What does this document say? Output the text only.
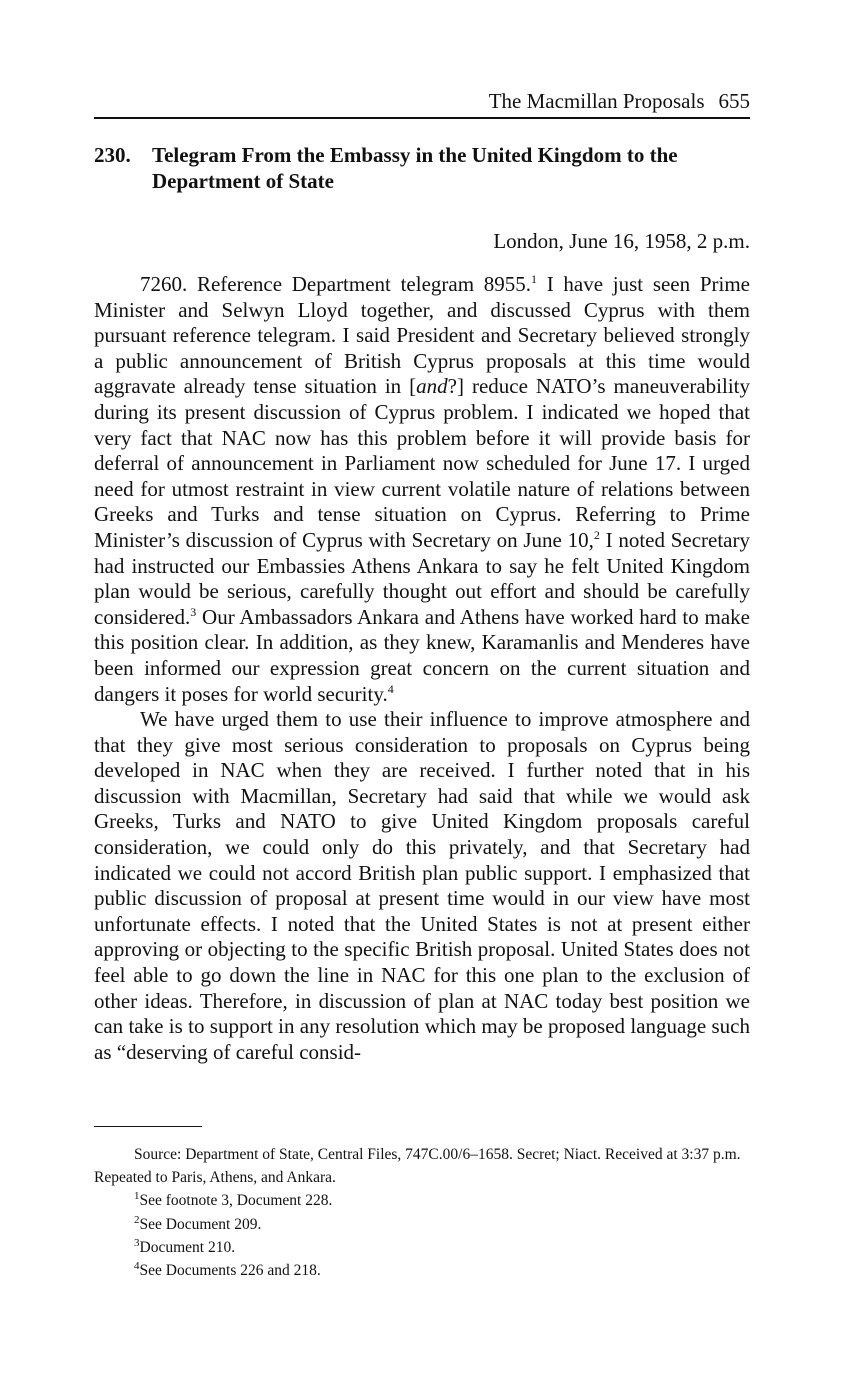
The Macmillan Proposals 655
230. Telegram From the Embassy in the United Kingdom to the Department of State
London, June 16, 1958, 2 p.m.

7260. Reference Department telegram 8955.$^1$ I have just seen Prime Minister and Selwyn Lloyd together, and discussed Cyprus with them pursuant reference telegram. I said President and Secretary believed strongly a public announcement of British Cyprus proposals at this time would aggravate already tense situation in [and?] reduce NATO’s maneuverability during its present discussion of Cyprus problem. I indicated we hoped that very fact that NAC now has this problem before it will provide basis for deferral of announcement in Parliament now scheduled for June 17. I urged need for utmost restraint in view current volatile nature of relations between Greeks and Turks and tense situation on Cyprus. Referring to Prime Minister’s discussion of Cyprus with Secretary on June 10,$^2$ I noted Secretary had instructed our Embassies Athens Ankara to say he felt United Kingdom plan would be serious, carefully thought out effort and should be carefully considered.$^3$ Our Ambassadors Ankara and Athens have worked hard to make this position clear. In addition, as they knew, Karamanlis and Menderes have been informed our expression great concern on the current situation and dangers it poses for world security.$^4$

We have urged them to use their influence to improve atmosphere and that they give most serious consideration to proposals on Cyprus being developed in NAC when they are received. I further noted that in his discussion with Macmillan, Secretary had said that while we would ask Greeks, Turks and NATO to give United Kingdom proposals careful consideration, we could only do this privately, and that Secretary had indicated we could not accord British plan public support. I emphasized that public discussion of proposal at present time would in our view have most unfortunate effects. I noted that the United States is not at present either approving or objecting to the specific British proposal. United States does not feel able to go down the line in NAC for this one plan to the exclusion of other ideas. Therefore, in discussion of plan at NAC today best position we can take is to support in any resolution which may be proposed language such as “deserving of careful consid-

Source: Department of State, Central Files, 747C.00/6–1658. Secret; Niact. Received at 3:37 p.m. Repeated to Paris, Athens, and Ankara.

$^1$See footnote 3, Document 228.

$^2$See Document 209.

$^3$Document 210.

$^4$See Documents 226 and 218.
